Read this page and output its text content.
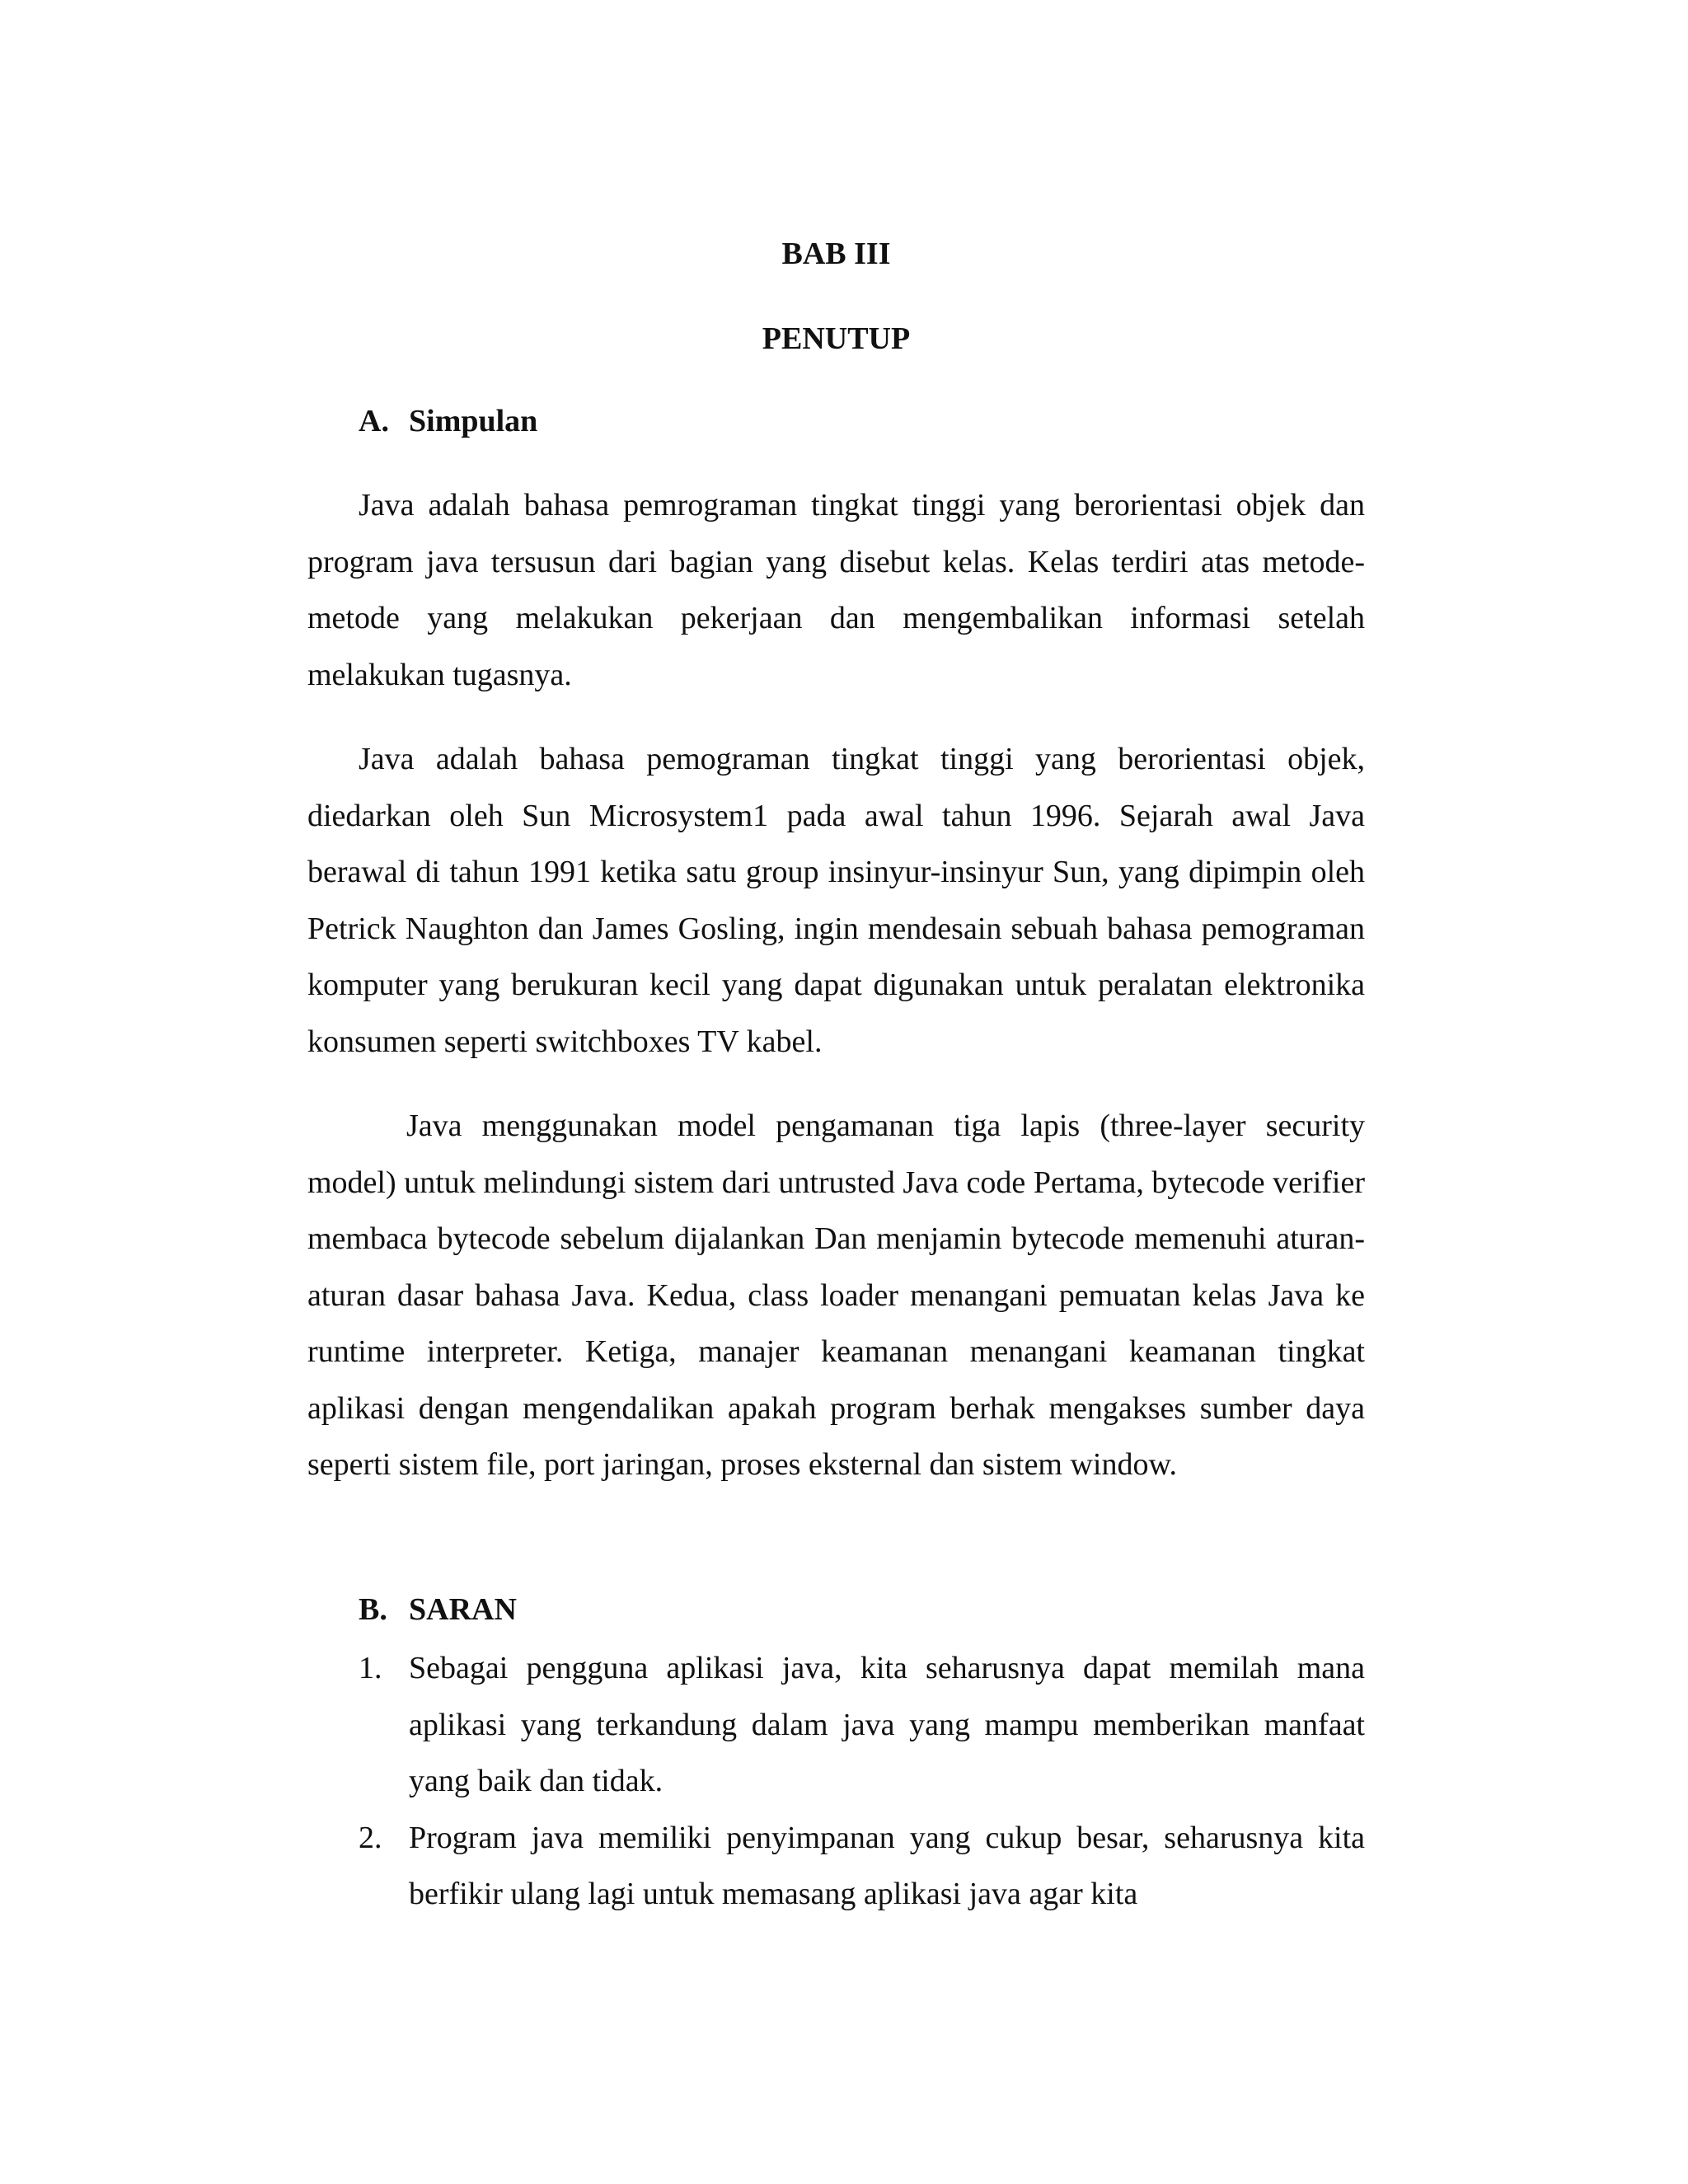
BAB III
PENUTUP
A. Simpulan

Java adalah bahasa pemrograman tingkat tinggi yang berorientasi objek dan program java tersusun dari bagian yang disebut kelas. Kelas terdiri atas metode-metode yang melakukan pekerjaan dan mengembalikan informasi setelah melakukan tugasnya.

Java adalah bahasa pemograman tingkat tinggi yang berorientasi objek, diedarkan oleh Sun Microsystem1 pada awal tahun 1996. Sejarah awal Java berawal di tahun 1991 ketika satu group insinyur-insinyur Sun, yang dipimpin oleh Petrick Naughton dan James Gosling, ingin mendesain sebuah bahasa pemograman komputer yang berukuran kecil yang dapat digunakan untuk peralatan elektronika konsumen seperti switchboxes TV kabel.

Java menggunakan model pengamanan tiga lapis (three-layer security model) untuk melindungi sistem dari untrusted Java code Pertama, bytecode verifier membaca bytecode sebelum dijalankan Dan menjamin bytecode memenuhi aturan-aturan dasar bahasa Java. Kedua, class loader menangani pemuatan kelas Java ke runtime interpreter. Ketiga, manajer keamanan menangani keamanan tingkat aplikasi dengan mengendalikan apakah program berhak mengakses sumber daya seperti sistem file, port jaringan, proses eksternal dan sistem window.

B. SARAN
1. Sebagai pengguna aplikasi java, kita seharusnya dapat memilah mana aplikasi yang terkandung dalam java yang mampu memberikan manfaat yang baik dan tidak.
2. Program java memiliki penyimpanan yang cukup besar, seharusnya kita berfikir ulang lagi untuk memasang aplikasi java agar kita
